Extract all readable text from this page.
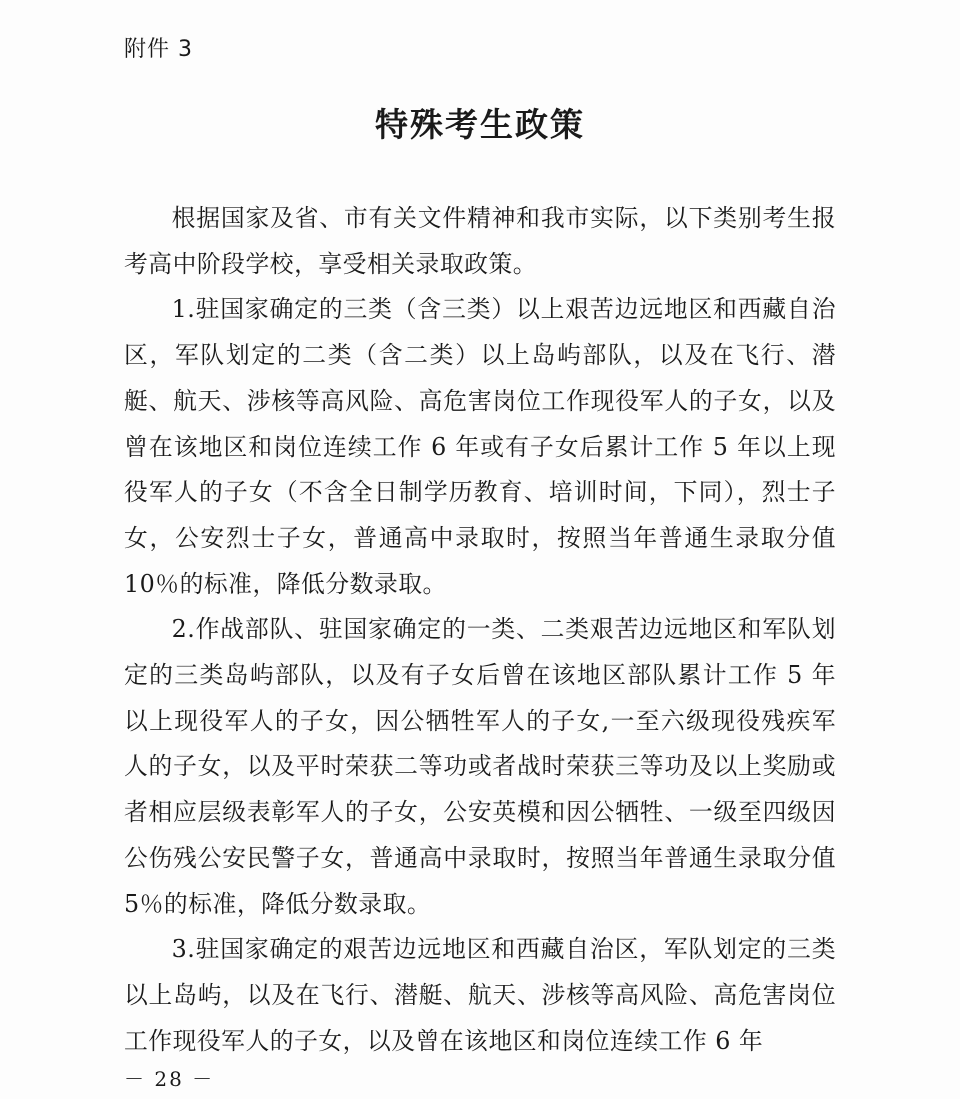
附件 3
特殊考生政策

根据国家及省、市有关文件精神和我市实际，以下类别考生报考高中阶段学校，享受相关录取政策。

1.驻国家确定的三类（含三类）以上艰苦边远地区和西藏自治区，军队划定的二类（含二类）以上岛屿部队，以及在飞行、潜艇、航天、涉核等高风险、高危害岗位工作现役军人的子女，以及曾在该地区和岗位连续工作 6 年或有子女后累计工作 5 年以上现役军人的子女（不含全日制学历教育、培训时间，下同），烈士子女，公安烈士子女，普通高中录取时，按照当年普通生录取分值 10％的标准，降低分数录取。

2.作战部队、驻国家确定的一类、二类艰苦边远地区和军队划定的三类岛屿部队，以及有子女后曾在该地区部队累计工作 5 年以上现役军人的子女，因公牺牲军人的子女,一至六级现役残疾军人的子女，以及平时荣获二等功或者战时荣获三等功及以上奖励或者相应层级表彰军人的子女，公安英模和因公牺牲、一级至四级因公伤残公安民警子女，普通高中录取时，按照当年普通生录取分值 5％的标准，降低分数录取。

3.驻国家确定的艰苦边远地区和西藏自治区，军队划定的三类以上岛屿，以及在飞行、潜艇、航天、涉核等高风险、高危害岗位工作现役军人的子女，以及曾在该地区和岗位连续工作 6 年

－ 28 －
